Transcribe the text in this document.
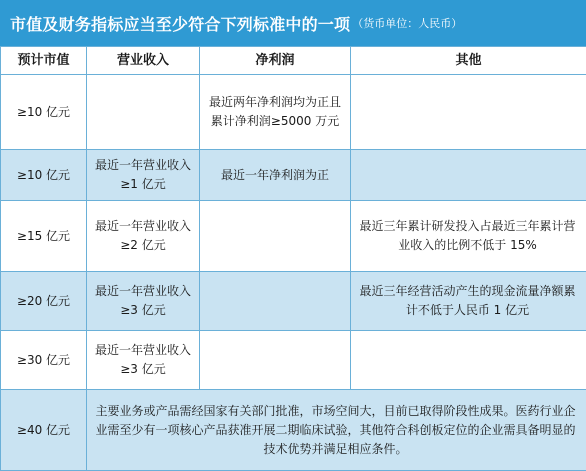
市值及财务指标应当至少符合下列标准中的一项 （货币单位：人民币）
预计市值	营业收入	净利润	其他
≥10 亿元		最近两年净利润均为正且累计净利润≥5000 万元	
≥10 亿元	最近一年营业收入≥1 亿元	最近一年净利润为正	
≥15 亿元	最近一年营业收入≥2 亿元		最近三年累计研发投入占最近三年累计营业收入的比例不低于 15%
≥20 亿元	最近一年营业收入≥3 亿元		最近三年经营活动产生的现金流量净额累计不低于人民币 1 亿元
≥30 亿元	最近一年营业收入≥3 亿元		
≥40 亿元	主要业务或产品需经国家有关部门批准，市场空间大，目前已取得阶段性成果。医药行业企业需至少有一项核心产品获准开展二期临床试验，其他符合科创板定位的企业需具备明显的技术优势并满足相应条件。		
